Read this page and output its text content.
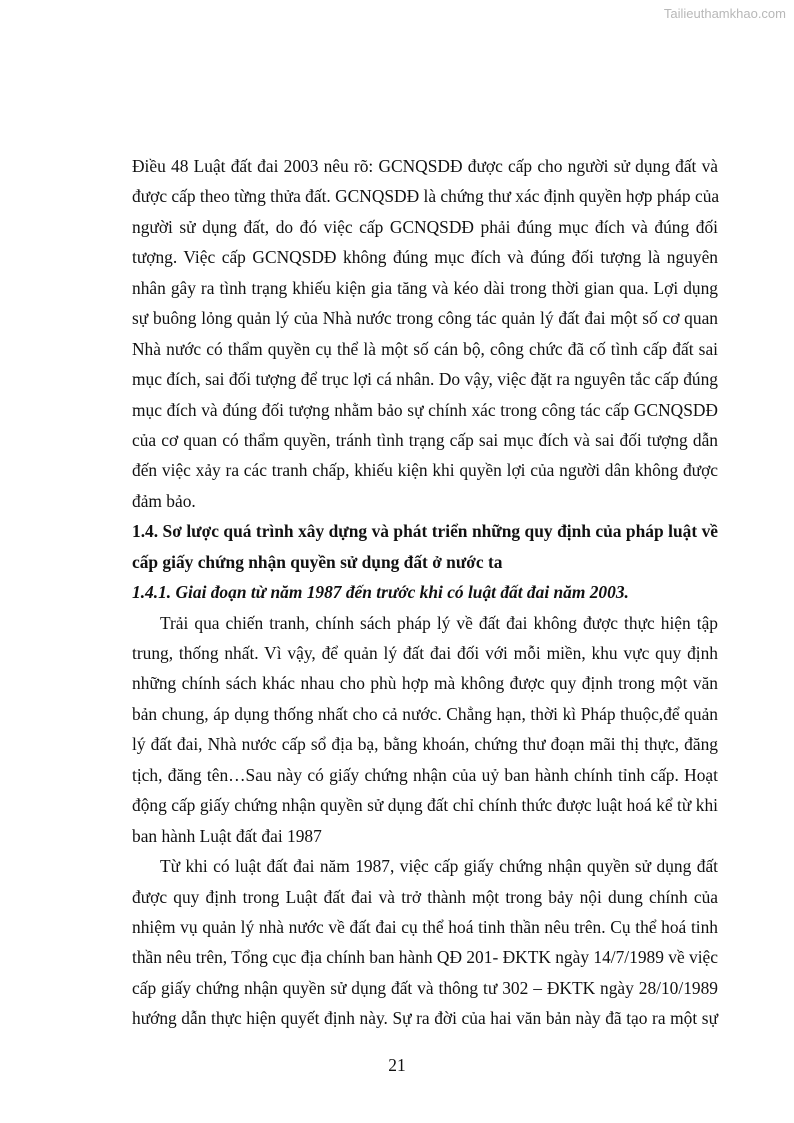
Tailieuthamkhao.com
Điều 48 Luật đất đai 2003 nêu rõ: GCNQSDĐ được cấp cho người sử dụng đất và
được cấp theo từng thửa đất. GCNQSDĐ là chứng thư xác định quyền hợp pháp của
người sử dụng đất, do đó việc cấp GCNQSDĐ phải đúng mục đích và đúng đối
tượng. Việc cấp GCNQSDĐ không đúng mục đích và đúng đối tượng là nguyên
nhân gây ra tình trạng khiếu kiện gia tăng và kéo dài trong thời gian qua. Lợi dụng
sự buông lỏng quản lý của Nhà nước trong công tác quản lý đất đai một số cơ quan
Nhà nước có thẩm quyền cụ thể là một số cán bộ, công chức đã cố tình cấp đất sai
mục đích, sai đối tượng để trục lợi cá nhân. Do vậy, việc đặt ra nguyên tắc cấp đúng
mục đích và đúng đối tượng nhằm bảo sự chính xác trong công tác cấp GCNQSDĐ
của cơ quan có thẩm quyền, tránh tình trạng cấp sai mục đích và sai đối tượng dẫn
đến việc xảy ra các tranh chấp, khiếu kiện khi quyền lợi của người dân không được
đảm bảo.
1.4. Sơ lược quá trình xây dựng và phát triển những quy định của pháp luật về
cấp giấy chứng nhận quyền sử dụng đất ở nước ta
1.4.1. Giai đoạn từ năm 1987 đến trước khi có luật đất đai năm 2003.
Trải qua chiến tranh, chính sách pháp lý về đất đai không được thực hiện tập
trung, thống nhất. Vì vậy, để quản lý đất đai đối với mỗi miền, khu vực quy định
những chính sách khác nhau cho phù hợp mà không được quy định trong một văn
bản chung, áp dụng thống nhất cho cả nước. Chẳng hạn, thời kì Pháp thuộc,để quản
lý đất đai, Nhà nước cấp sổ địa bạ, bằng khoán, chứng thư đoạn mãi thị thực, đăng
tịch, đăng tên…Sau này có giấy chứng nhận của uỷ ban hành chính tỉnh cấp. Hoạt
động cấp giấy chứng nhận quyền sử dụng đất chỉ chính thức được luật hoá kể từ khi
ban hành Luật đất đai 1987
Từ khi có luật đất đai năm 1987, việc cấp giấy chứng nhận quyền sử dụng đất
được quy định trong Luật đất đai và trở thành một trong bảy nội dung chính của
nhiệm vụ quản lý nhà nước về đất đai cụ thể hoá tinh thần nêu trên. Cụ thể hoá tinh
thần nêu trên, Tổng cục địa chính ban hành QĐ 201- ĐKTK ngày 14/7/1989 về việc
cấp giấy chứng nhận quyền sử dụng đất và thông tư 302 – ĐKTK ngày 28/10/1989
hướng dẫn thực hiện quyết định này. Sự ra đời của hai văn bản này đã tạo ra một sự
21
